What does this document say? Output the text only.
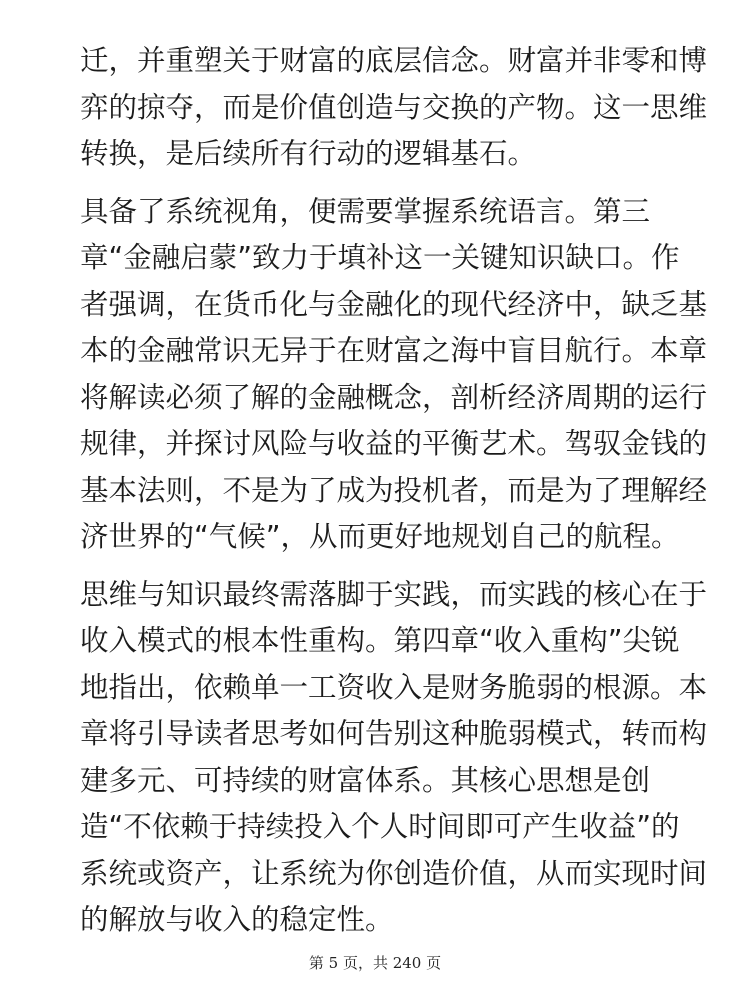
迁，并重塑关于财富的底层信念。财富并非零和博

弈的掠夺，而是价值创造与交换的产物。这一思维

转换，是后续所有行动的逻辑基石。

具备了系统视角，便需要掌握系统语言。第三

章“金融启蒙”致力于填补这一关键知识缺口。作

者强调，在货币化与金融化的现代经济中，缺乏基

本的金融常识无异于在财富之海中盲目航行。本章

将解读必须了解的金融概念，剖析经济周期的运行

规律，并探讨风险与收益的平衡艺术。驾驭金钱的

基本法则，不是为了成为投机者，而是为了理解经

济世界的“气候”，从而更好地规划自己的航程。

思维与知识最终需落脚于实践，而实践的核心在于

收入模式的根本性重构。第四章“收入重构”尖锐

地指出，依赖单一工资收入是财务脆弱的根源。本

章将引导读者思考如何告别这种脆弱模式，转而构

建多元、可持续的财富体系。其核心思想是创

造“不依赖于持续投入个人时间即可产生收益”的

系统或资产，让系统为你创造价值，从而实现时间

的解放与收入的稳定性。

第 5 页，共 240 页
